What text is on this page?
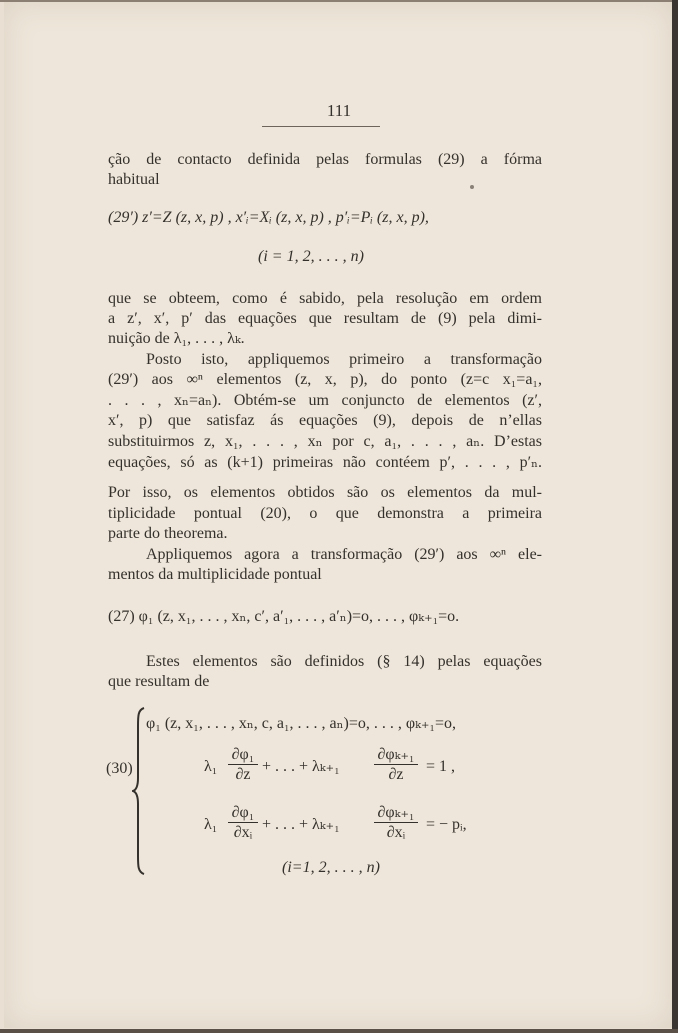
111
ção de contacto definida pelas formulas (29) a fórma
habitual
(29′) z′=Z (z, x, p) , x′ᵢ=Xᵢ (z, x, p) , p′ᵢ=Pᵢ (z, x, p),
(i = 1, 2, . . . , n)
que se obteem, como é sabido, pela resolução em ordem
a z′, x′, p′ das equações que resultam de (9) pela dimi-
nuição de λ₁, . . . , λₖ.
Posto isto, appliquemos primeiro a transformação
(29′) aos ∞ⁿ elementos (z, x, p), do ponto (z=c x₁=a₁,
. . . , xₙ=aₙ). Obtém-se um conjuncto de elementos (z′,
x′, p) que satisfaz ás equações (9), depois de n’ellas
substituirmos z, x₁, . . . , xₙ por c, a₁, . . . , aₙ. D’estas
equações, só as (k+1) primeiras não contéem p′, . . . , p′ₙ.
Por isso, os elementos obtidos são os elementos da mul-
tiplicidade pontual (20), o que demonstra a primeira
parte do theorema.
Appliquemos agora a transformação (29′) aos ∞ⁿ ele-
mentos da multiplicidade pontual
(27) φ₁ (z, x₁, . . . , xₙ, c′, a′₁, . . . , a′ₙ)=o, . . . , φₖ₊₁=o.
Estes elementos são definidos (§ 14) pelas equações
que resultam de
(30)
φ₁ (z, x₁, . . . , xₙ, c, a₁, . . . , aₙ)=o, . . . , φₖ₊₁=o,
λ₁
∂φ₁
∂z + . . . + λₖ₊₁
∂φₖ₊₁
∂z	= 1 ,
λ₁
∂φ₁
∂xᵢ + . . . + λₖ₊₁
∂φₖ₊₁
∂xᵢ	= − pᵢ,
(i=1, 2, . . . , n)
